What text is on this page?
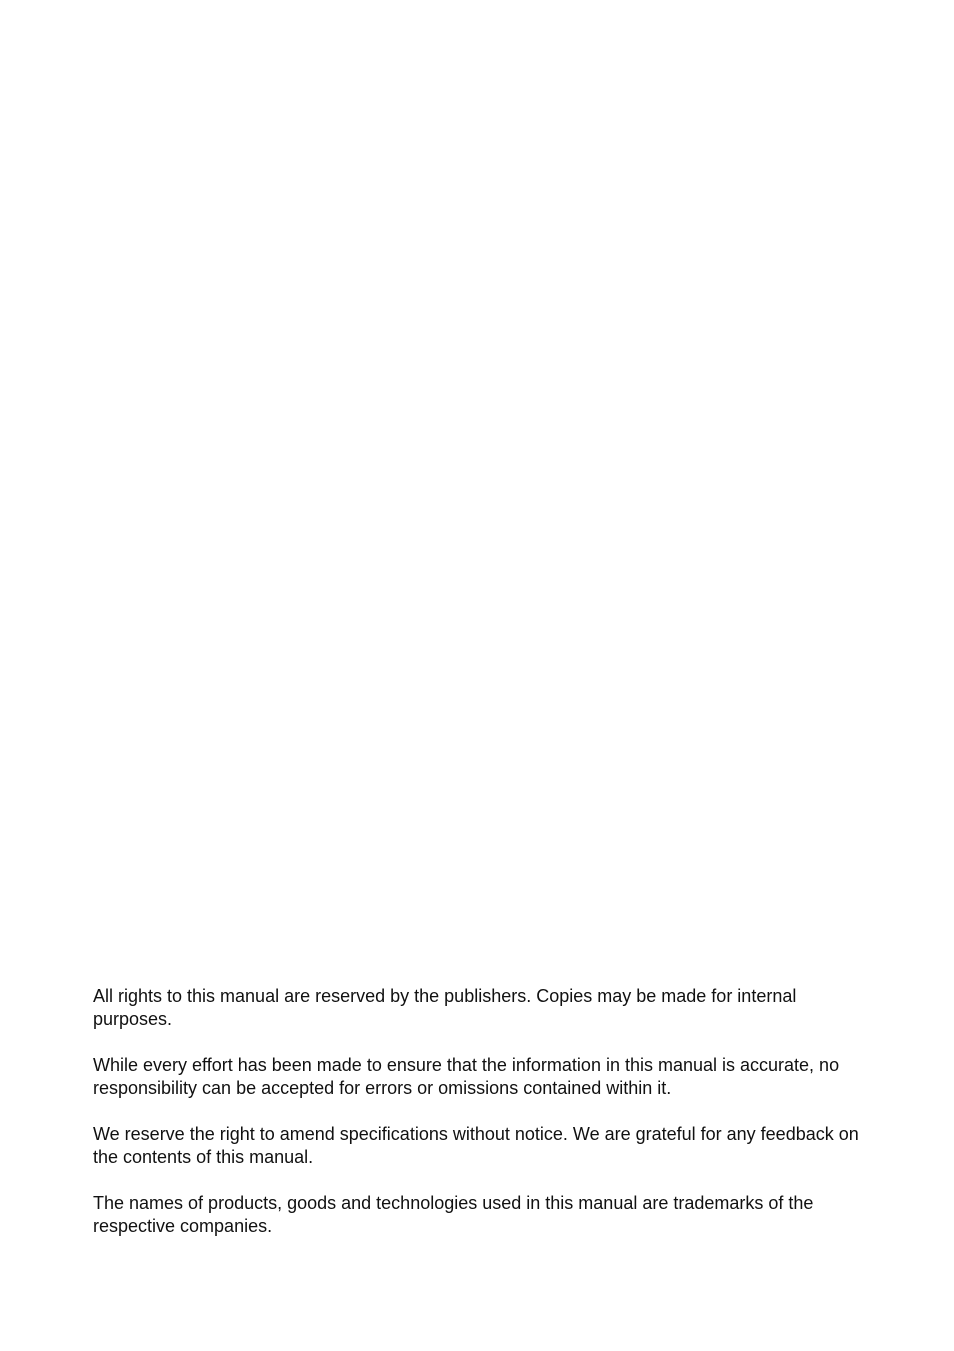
All rights to this manual are reserved by the publishers. Copies may be made for internal purposes.

While every effort has been made to ensure that the information in this manual is accurate, no responsibility can be accepted for errors or omissions contained within it.

We reserve the right to amend specifications without notice. We are grateful for any feedback on the contents of this manual.

The names of products, goods and technologies used in this manual are trademarks of the respective companies.
